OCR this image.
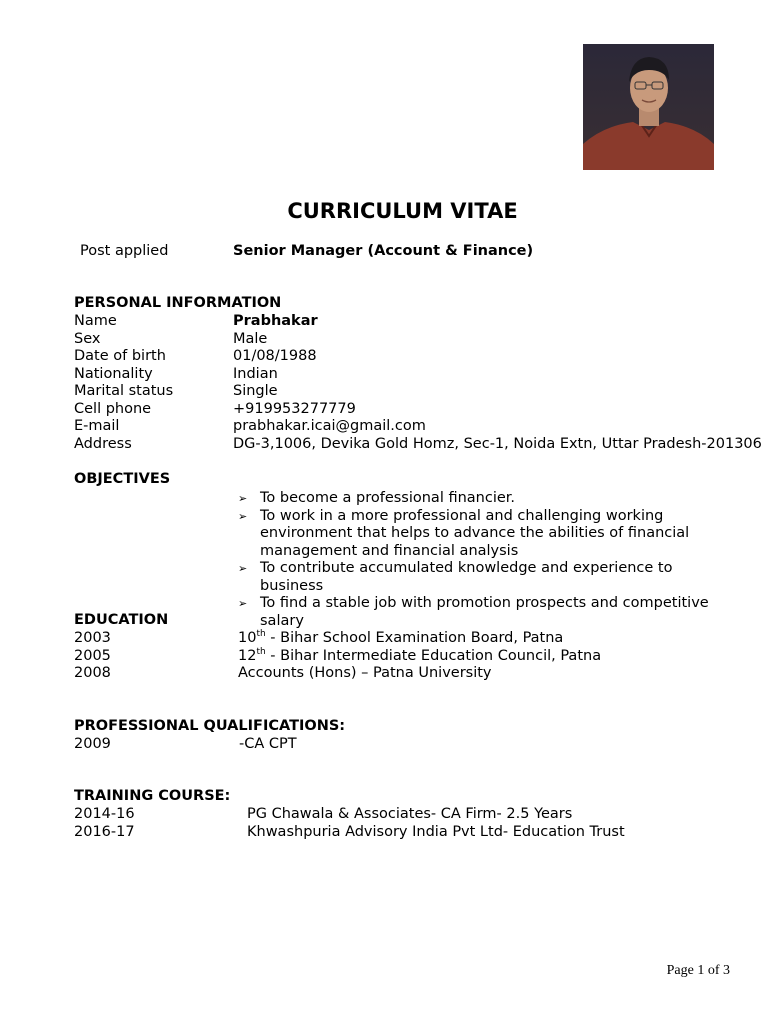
CURRICULUM VITAE
Post applied	Senior Manager (Account & Finance)
PERSONAL INFORMATION
Name	Prabhakar
Sex	Male
Date of birth	01/08/1988
Nationality	Indian
Marital status	Single
Cell phone	+919953277779
E-mail	prabhakar.icai@gmail.com
Address	DG-3,1006, Devika Gold Homz, Sec-1, Noida Extn, Uttar Pradesh-201306
OBJECTIVES
➢ To become a professional financier.
➢ To work in a more professional and challenging working environment that helps to advance the abilities of financial management and financial analysis
➢ To contribute accumulated knowledge and experience to business
➢ To find a stable job with promotion prospects and competitive salary
EDUCATION
2003	10th - Bihar School Examination Board, Patna
2005	12th - Bihar Intermediate Education Council, Patna
2008	Accounts (Hons) – Patna University
PROFESSIONAL QUALIFICATIONS:
2009	-CA CPT
TRAINING COURSE:
2014-16	PG Chawala & Associates- CA Firm- 2.5 Years
2016-17	Khwashpuria Advisory India Pvt Ltd- Education Trust
Page 1 of 3
